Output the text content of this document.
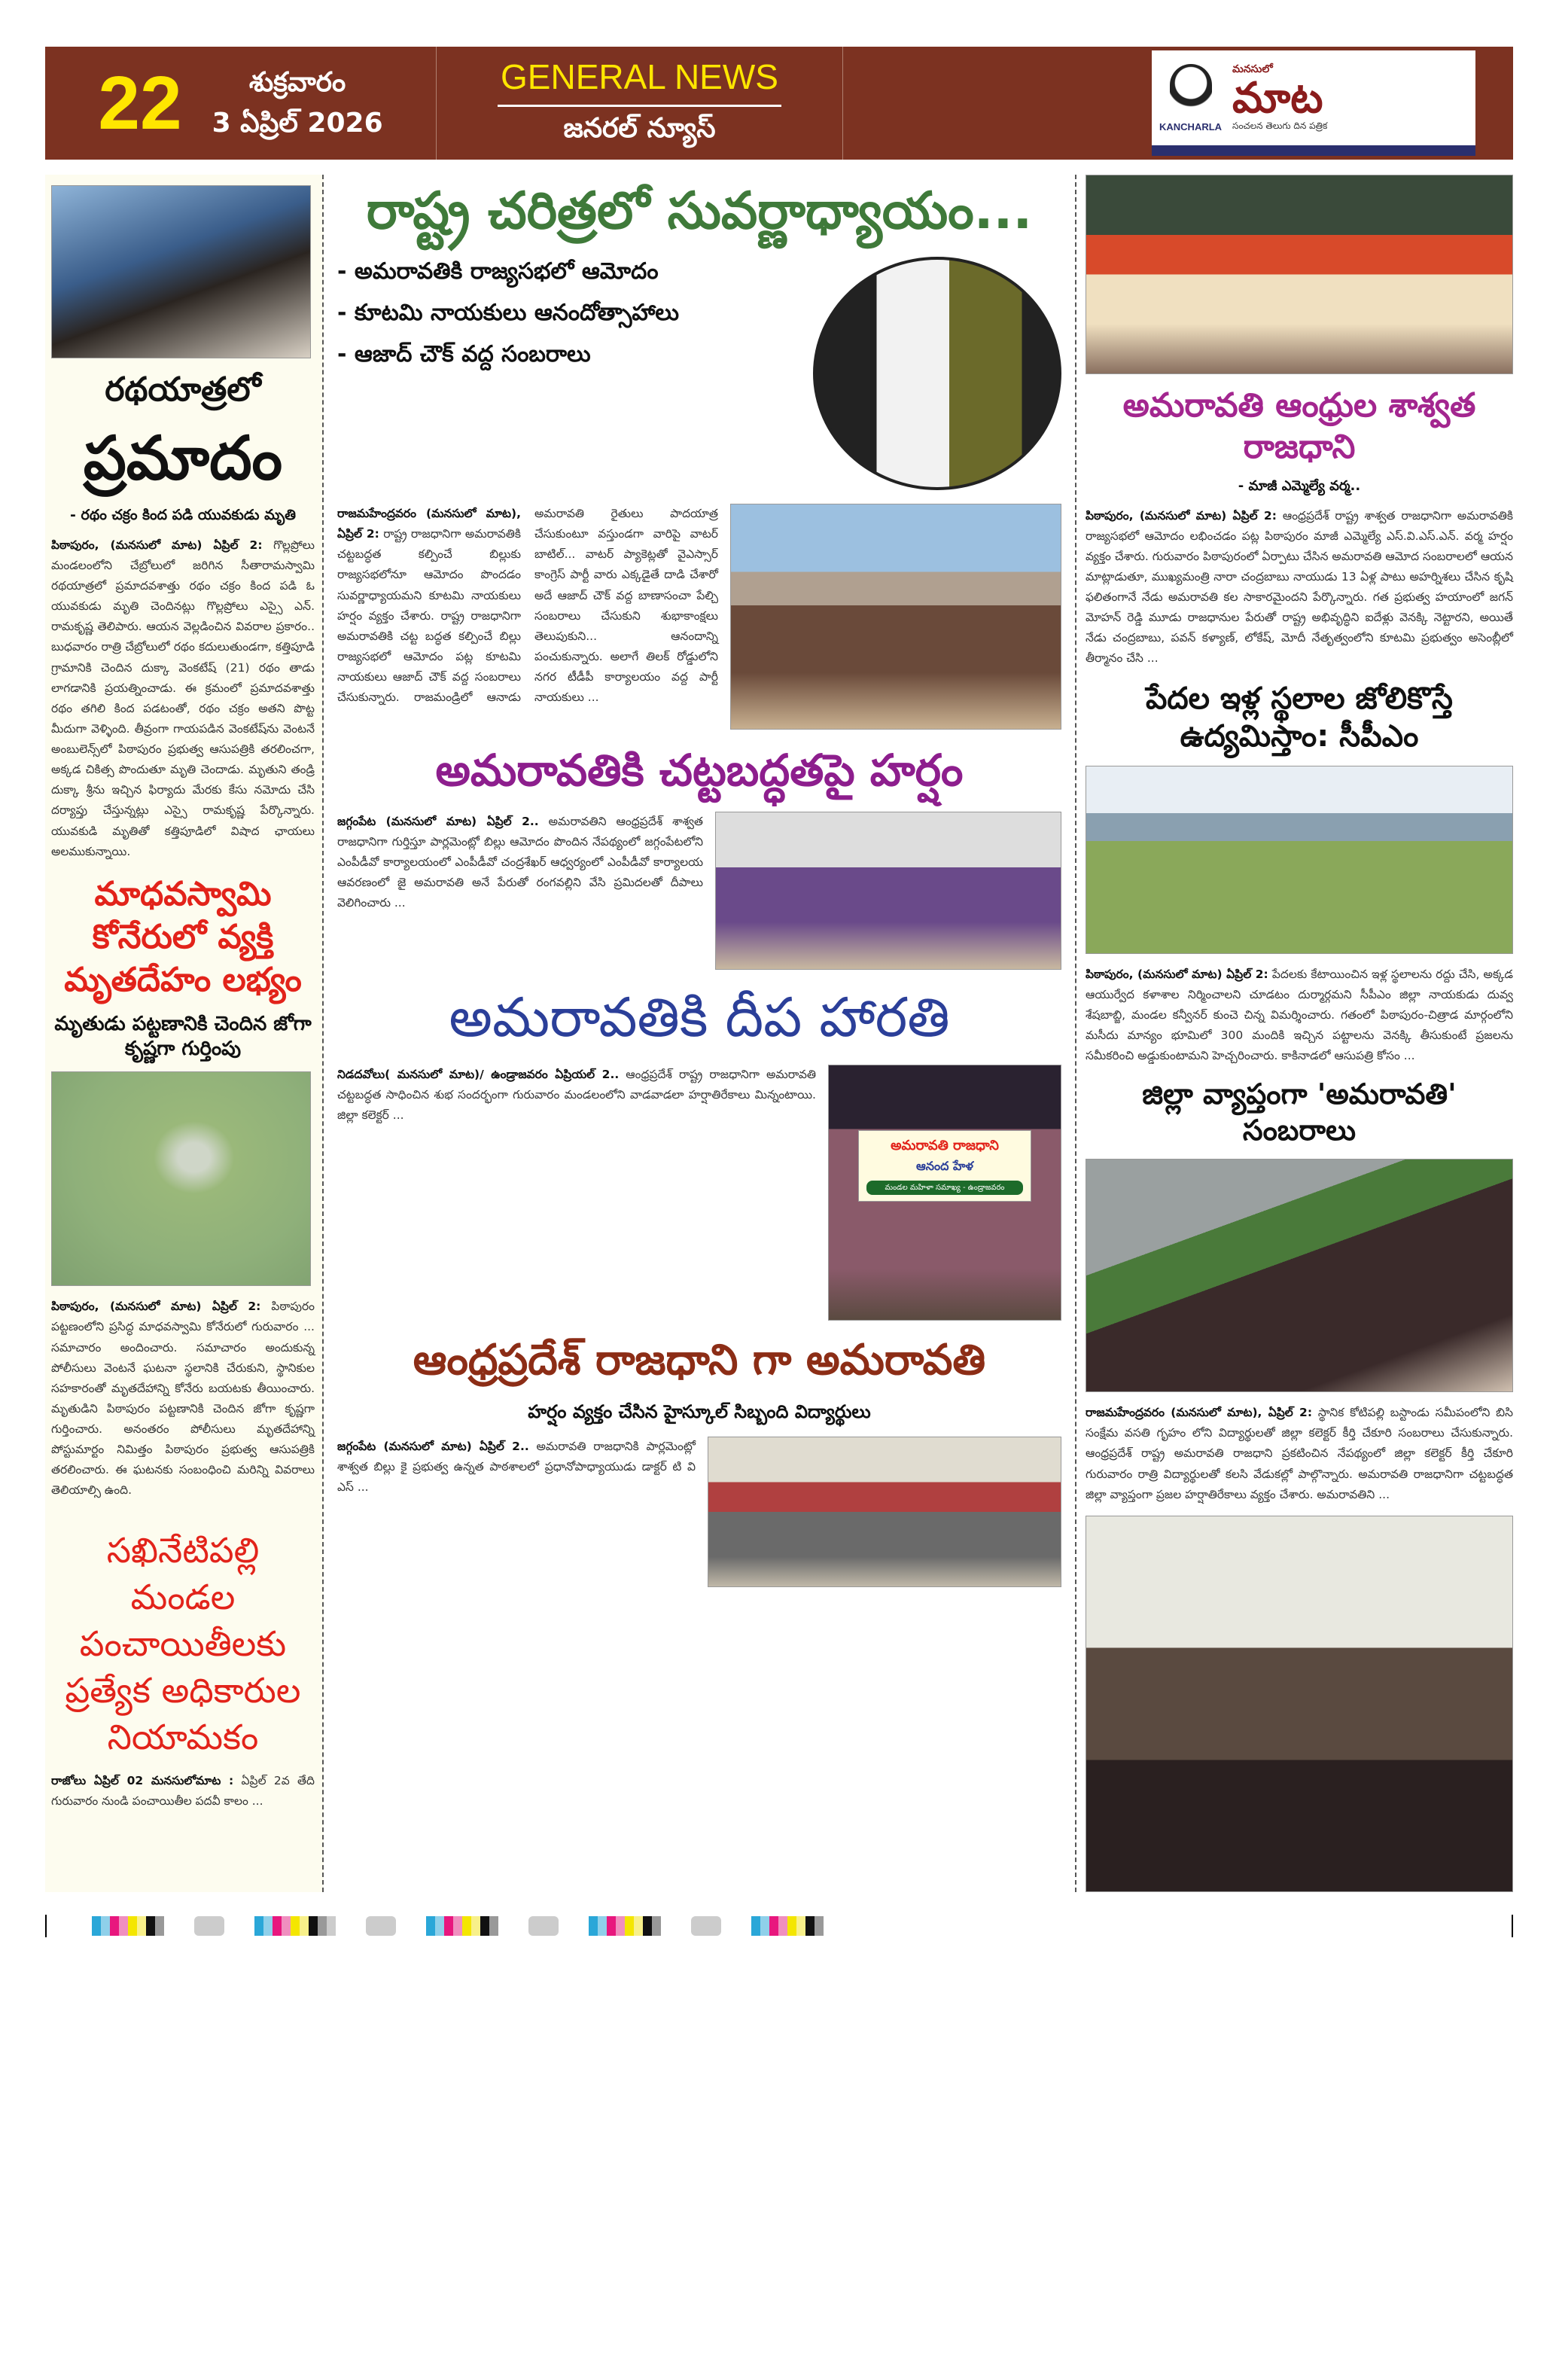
22	శుక్రవారం
3 ఏప్రిల్ 2026
GENERAL NEWS
జనరల్ న్యూస్	KANCHARLA
మనసులో
మాట
సంచలన తెలుగు దిన పత్రిక
రథయాత్రలో
ప్రమాదం
- రథం చక్రం కింద పడి యువకుడు మృతి
పిఠాపురం, (మనసులో మాట) ఏప్రిల్ 2: గొల్లప్రోలు మండలంలోని చేబ్రోలులో జరిగిన సీతారామస్వామి రథయాత్రలో ప్రమాదవశాత్తు రథం చక్రం కింద పడి ఓ యువకుడు మృతి చెందినట్లు గొల్లప్రోలు ఎస్సై ఎన్. రామకృష్ణ తెలిపారు. ఆయన వెల్లడించిన వివరాల ప్రకారం.. బుధవారం రాత్రి చేబ్రోలులో రథం కదులుతుండగా, కత్తిపూడి గ్రామానికి చెందిన దుక్కా వెంకటేష్ (21) రథం తాడు లాగడానికి ప్రయత్నించాడు. ఈ క్రమంలో ప్రమాదవశాత్తు రథం తగిలి కింద పడటంతో, రథం చక్రం అతని పొట్ట మీదుగా వెళ్ళింది. తీవ్రంగా గాయపడిన వెంకటేష్‌ను వెంటనే అంబులెన్స్‌లో పిఠాపురం ప్రభుత్వ ఆసుపత్రికి తరలించగా, అక్కడ చికిత్స పొందుతూ మృతి చెందాడు. మృతుని తండ్రి దుక్కా శ్రీను ఇచ్చిన ఫిర్యాదు మేరకు కేసు నమోదు చేసి దర్యాప్తు చేస్తున్నట్లు ఎస్సై రామకృష్ణ పేర్కొన్నారు. యువకుడి మృతితో కత్తిపూడిలో విషాద ఛాయలు అలముకున్నాయి.
మాధవస్వామి కోనేరులో వ్యక్తి మృతదేహం లభ్యం
మృతుడు పట్టణానికి చెందిన జోగా కృష్ణగా గుర్తింపు
పిఠాపురం, (మనసులో మాట) ఏప్రిల్ 2: పిఠాపురం పట్టణంలోని ప్రసిద్ధ మాధవస్వామి కోనేరులో గురువారం ... సమాచారం అందించారు. సమాచారం అందుకున్న పోలీసులు వెంటనే ఘటనా స్థలానికి చేరుకుని, స్థానికుల సహకారంతో మృతదేహాన్ని కోనేరు బయటకు తీయించారు. మృతుడిని పిఠాపురం పట్టణానికి చెందిన జోగా కృష్ణగా గుర్తించారు. అనంతరం పోలీసులు మృతదేహాన్ని పోస్టుమార్టం నిమిత్తం పిఠాపురం ప్రభుత్వ ఆసుపత్రికి తరలించారు. ఈ ఘటనకు సంబంధించి మరిన్ని వివరాలు తెలియాల్సి ఉంది.
సఖినేటిపల్లి మండల పంచాయితీలకు ప్రత్యేక అధికారుల నియామకం
రాజోలు ఏప్రిల్ 02 మనసులోమాట : ఏప్రిల్ 2వ తేది గురువారం నుండి పంచాయితీల పదవీ కాలం ...
రాష్ట్ర చరిత్రలో సువర్ణాధ్యాయం...
- అమరావతికి రాజ్యసభలో ఆమోదం
- కూటమి నాయకులు ఆనందోత్సాహాలు
- ఆజాద్ చౌక్ వద్ద సంబరాలు
రాజమహేంద్రవరం (మనసులో మాట), ఏప్రిల్ 2: రాష్ట్ర రాజధానిగా అమరావతికి చట్టబద్ధత కల్పించే బిల్లుకు రాజ్యసభలోనూ ఆమోదం పొందడం సువర్ణాధ్యాయమని కూటమి నాయకులు హర్షం వ్యక్తం చేశారు. రాష్ట్ర రాజధానిగా అమరావతికి చట్ట బద్ధత కల్పించే బిల్లు రాజ్యసభలో ఆమోదం పట్ల కూటమి నాయకులు ఆజాద్ చౌక్ వద్ద సంబరాలు చేసుకున్నారు. రాజమండ్రిలో ఆనాడు అమరావతి రైతులు పాదయాత్ర చేసుకుంటూ వస్తుండగా వారిపై వాటర్ బాటిల్... వాటర్ ప్యాకెట్లతో వైఎస్సార్ కాంగ్రెస్ పార్టీ వారు ఎక్కడైతే దాడి చేశారో అదే ఆజాద్ చౌక్ వద్ద బాణాసంచా పేల్చి సంబరాలు చేసుకుని శుభాకాంక్షలు తెలుపుకుని... ఆనందాన్ని పంచుకున్నారు. అలాగే తిలక్ రోడ్డులోని నగర టీడీపీ కార్యాలయం వద్ద పార్టీ నాయకులు ...
అమరావతికి చట్టబద్ధతపై హర్షం
జగ్గంపేట (మనసులో మాట) ఏప్రిల్ 2.. అమరావతిని ఆంధ్రప్రదేశ్ శాశ్వత రాజధానిగా గుర్తిస్తూ పార్లమెంట్లో బిల్లు ఆమోదం పొందిన నేపథ్యంలో జగ్గంపేటలోని ఎంపీడీవో కార్యాలయంలో ఎంపీడీవో చంద్రశేఖర్ ఆధ్వర్యంలో ఎంపీడీవో కార్యాలయ ఆవరణంలో జై అమరావతి అనే పేరుతో రంగవల్లిని వేసి ప్రమిదలతో దీపాలు వెలిగించారు ...
అమరావతికి దీప హారతి
నిడదవోలు( మనసులో మాట)/ ఉండ్రాజవరం ఏప్రియల్ 2.. ఆంధ్రప్రదేశ్ రాష్ట్ర రాజధానిగా అమరావతి చట్టబద్ధత సాధించిన శుభ సందర్భంగా గురువారం మండలంలోని వాడవాడలా హర్షాతిరేకాలు మిన్నంటాయి. జిల్లా కలెక్టర్ ...
అమరావతి రాజధాని
ఆనంద హేళ
మండల మహిళా సమాఖ్య - ఉండ్రాజవరం
ఆంధ్రప్రదేశ్ రాజధాని గా అమరావతి
హర్షం వ్యక్తం చేసిన హైస్కూల్ సిబ్బంది విద్యార్థులు
జగ్గంపేట (మనసులో మాట) ఏప్రిల్ 2.. అమరావతి రాజధానికి పార్లమెంట్లో శాశ్వత బిల్లు కై ప్రభుత్వ ఉన్నత పాఠశాలలో ప్రధానోపాధ్యాయుడు డాక్టర్ టి వి ఎస్ ...
అమరావతి ఆంధ్రుల శాశ్వత రాజధాని
- మాజీ ఎమ్మెల్యే వర్మ..
పిఠాపురం, (మనసులో మాట) ఏప్రిల్ 2: ఆంధ్రప్రదేశ్ రాష్ట్ర శాశ్వత రాజధానిగా అమరావతికి రాజ్యసభలో ఆమోదం లభించడం పట్ల పిఠాపురం మాజీ ఎమ్మెల్యే ఎస్.వి.ఎస్.ఎన్. వర్మ హర్షం వ్యక్తం చేశారు. గురువారం పిఠాపురంలో ఏర్పాటు చేసిన అమరావతి ఆమోద సంబరాలలో ఆయన మాట్లాడుతూ, ముఖ్యమంత్రి నారా చంద్రబాబు నాయుడు 13 ఏళ్ల పాటు అహర్నిశలు చేసిన కృషి ఫలితంగానే నేడు అమరావతి కల సాకారమైందని పేర్కొన్నారు. గత ప్రభుత్వ హయాంలో జగన్ మోహన్ రెడ్డి మూడు రాజధానుల పేరుతో రాష్ట్ర అభివృద్ధిని ఐదేళ్లు వెనక్కి నెట్టారని, అయితే నేడు చంద్రబాబు, పవన్ కళ్యాణ్, లోకేష్, మోదీ నేతృత్వంలోని కూటమి ప్రభుత్వం అసెంబ్లీలో తీర్మానం చేసి ...
పేదల ఇళ్ల స్థలాల జోలికొస్తే ఉద్యమిస్తాం: సీపీఎం
పిఠాపురం, (మనసులో మాట) ఏప్రిల్ 2: పేదలకు కేటాయించిన ఇళ్ల స్థలాలను రద్దు చేసి, అక్కడ ఆయుర్వేద కళాశాల నిర్మించాలని చూడటం దుర్మార్గమని సీపీఎం జిల్లా నాయకుడు దువ్వ శేషబాబ్జి, మండల కన్వీనర్ కుంచె చిన్న విమర్శించారు. గతంలో పిఠాపురం-చిత్రాడ మార్గంలోని మసీదు మాన్యం భూమిలో 300 మందికి ఇచ్చిన పట్టాలను వెనక్కి తీసుకుంటే ప్రజలను సమీకరించి అడ్డుకుంటామని హెచ్చరించారు. కాకినాడలో ఆసుపత్రి కోసం ...
జిల్లా వ్యాప్తంగా 'అమరావతి' సంబరాలు
రాజమహేంద్రవరం (మనసులో మాట), ఏప్రిల్ 2: స్థానిక కోటిపల్లి బస్టాండు సమీపంలోని బిసి సంక్షేమ వసతి గృహం లోని విద్యార్థులతో జిల్లా కలెక్టర్ కీర్తి చేకూరి సంబరాలు చేసుకున్నారు. ఆంధ్రప్రదేశ్ రాష్ట్ర అమరావతి రాజధాని ప్రకటించిన నేపథ్యంలో జిల్లా కలెక్టర్ కీర్తి చేకూరి గురువారం రాత్రి విద్యార్థులతో కలసి వేడుకల్లో పాల్గొన్నారు. అమరావతి రాజధానిగా చట్టబద్ధత జిల్లా వ్యాప్తంగా ప్రజల హర్షాతిరేకాలు వ్యక్తం చేశారు. అమరావతిని ...
